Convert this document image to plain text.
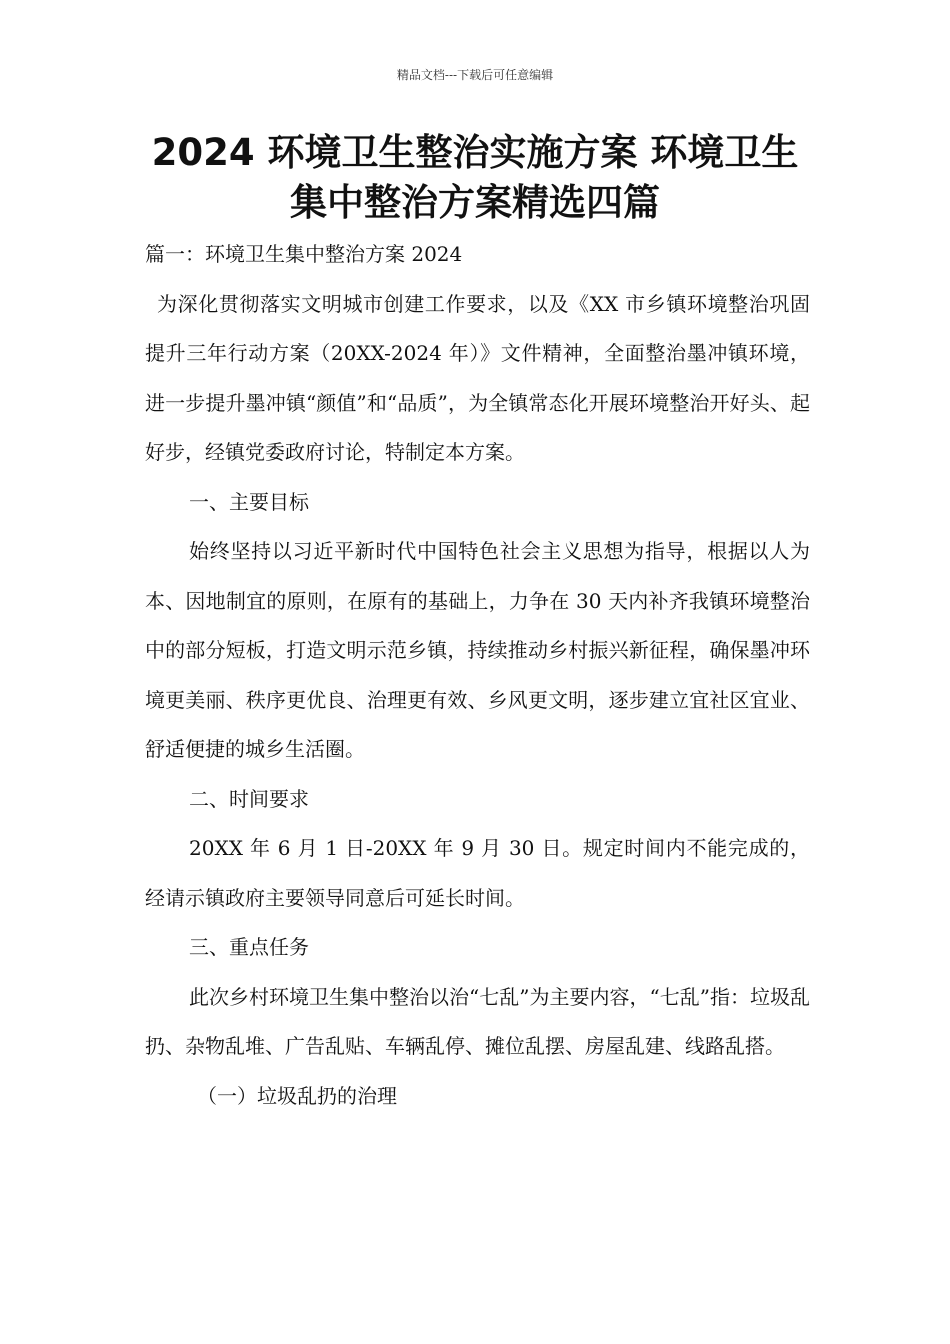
精品文档---下载后可任意编辑
2024 环境卫生整治实施方案 环境卫生
集中整治方案精选四篇

篇一：环境卫生集中整治方案 2024

为深化贯彻落实文明城市创建工作要求，以及《XX 市乡镇环境整治巩固提升三年行动方案（20XX-2024 年）》文件精神，全面整治墨冲镇环境，进一步提升墨冲镇“颜值”和“品质”，为全镇常态化开展环境整治开好头、起好步，经镇党委政府讨论，特制定本方案。

一、主要目标

始终坚持以习近平新时代中国特色社会主义思想为指导，根据以人为本、因地制宜的原则，在原有的基础上，力争在 30 天内补齐我镇环境整治中的部分短板，打造文明示范乡镇，持续推动乡村振兴新征程，确保墨冲环境更美丽、秩序更优良、治理更有效、乡风更文明，逐步建立宜社区宜业、舒适便捷的城乡生活圈。

二、时间要求

20XX 年 6 月 1 日-20XX 年 9 月 30 日。规定时间内不能完成的，经请示镇政府主要领导同意后可延长时间。

三、重点任务

此次乡村环境卫生集中整治以治“七乱”为主要内容，“七乱”指：垃圾乱扔、杂物乱堆、广告乱贴、车辆乱停、摊位乱摆、房屋乱建、线路乱搭。

（一）垃圾乱扔的治理
